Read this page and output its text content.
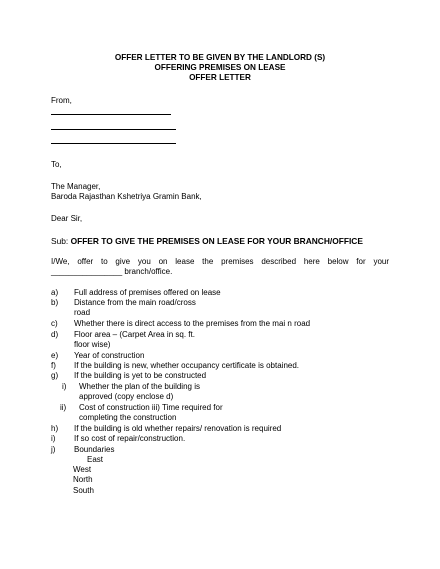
OFFER LETTER TO BE GIVEN BY THE LANDLORD (S)
OFFERING PREMISES ON LEASE
OFFER LETTER
From,
To,
The Manager,
Baroda Rajasthan Kshetriya Gramin Bank,
Dear Sir,
Sub: OFFER TO GIVE THE PREMISES ON LEASE FOR YOUR BRANCH/OFFICE
I/We, offer to give you on lease the premises described here below for your
________________ branch/office.
a) Full address of premises offered on lease
b) Distance from the main road/cross
road
c) Whether there is direct access to the premises from the mai n road
d) Floor area – (Carpet Area in sq. ft.
floor wise)
e) Year of construction
f) If the building is new, whether occupancy certificate is obtained.
g) If the building is yet to be constructed
i) Whether the plan of the building is
approved (copy enclose d)
ii) Cost of construction iii) Time required for
completing the construction
h) If the building is old whether repairs/ renovation is required
i) If so cost of repair/construction.
j) Boundaries
East
West
North
South
